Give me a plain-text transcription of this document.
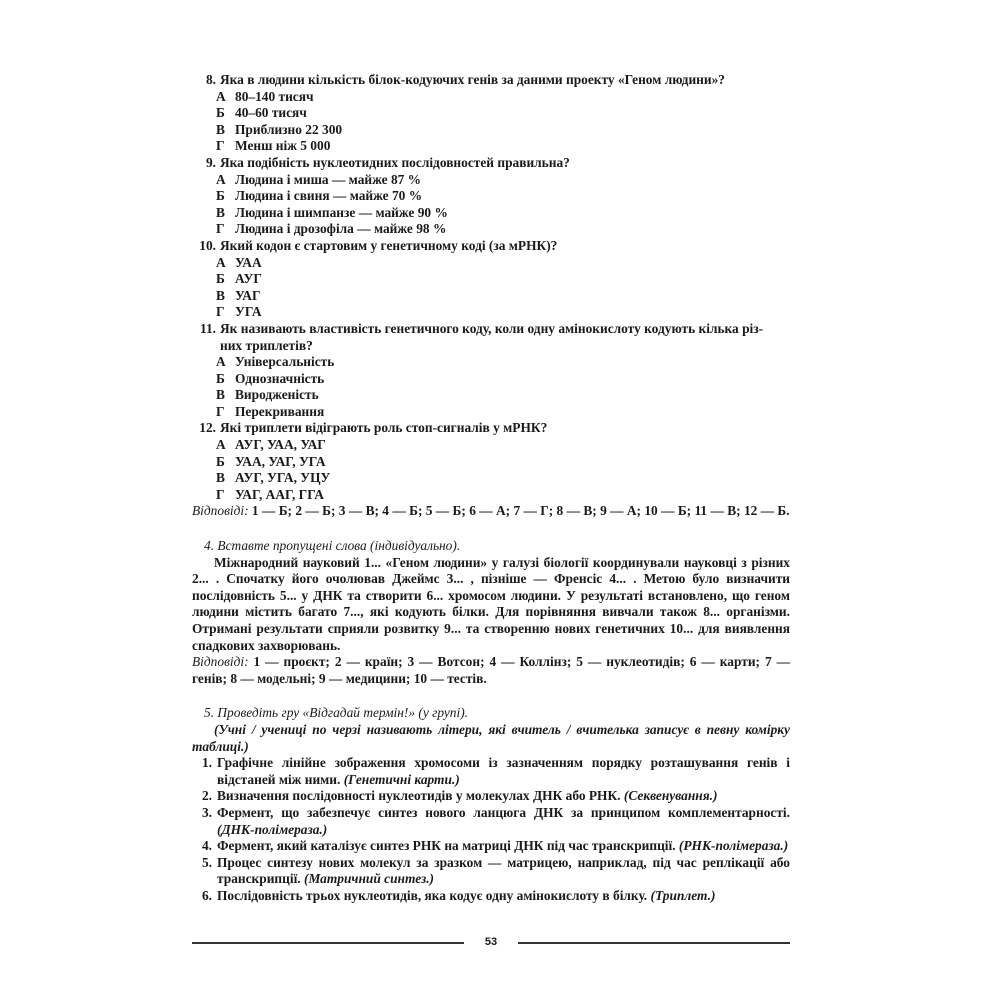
8. Яка в людини кількість білок-кодуючих генів за даними проекту «Геном людини»?
А 80–140 тисяч
Б 40–60 тисяч
В Приблизно 22 300
Г Менш ніж 5 000
9. Яка подібність нуклеотидних послідовностей правильна?
А Людина і миша — майже 87 %
Б Людина і свиня — майже 70 %
В Людина і шимпанзе — майже 90 %
Г Людина і дрозофіла — майже 98 %
10. Який кодон є стартовим у генетичному коді (за мРНК)?
А УАА
Б АУГ
В УАГ
Г УГА
11. Як називають властивість генетичного коду, коли одну амінокислоту кодують кілька різ-
них триплетів?
А Універсальність
Б Однозначність
В Виродженість
Г Перекривання
12. Які триплети відіграють роль стоп-сигналів у мРНК?
А АУГ, УАА, УАГ
Б УАА, УАГ, УГА
В АУГ, УГА, УЦУ
Г УАГ, ААГ, ГГА
Відповіді: 1 — Б; 2 — Б; 3 — В; 4 — Б; 5 — Б; 6 — А; 7 — Г; 8 — В; 9 — А; 10 — Б; 11 — В; 12 — Б.
4. Вставте пропущені слова (індивідуально).
Міжнародний науковий 1... «Геном людини» у галузі біології координували науковці з різних 2... . Спочатку його очолював Джеймс 3... , пізніше — Френсіс 4... . Метою було визначити послідовність 5... у ДНК та створити 6... хромосом людини. У результаті встановлено, що геном людини містить багато 7..., які кодують білки. Для порівняння вивчали також 8... організми. Отримані результати сприяли розвитку 9... та створенню нових генетичних 10... для виявлення спадкових захворювань.
Відповіді: 1 — проєкт; 2 — країн; 3 — Вотсон; 4 — Коллінз; 5 — нуклеотидів; 6 — карти; 7 — генів; 8 — модельні; 9 — медицини; 10 — тестів.
5. Проведіть гру «Відгадай термін!» (у групі).
(Учні / учениці по черзі називають літери, які вчитель / вчителька записує в певну комірку таблиці.)
1. Графічне лінійне зображення хромосоми із зазначенням порядку розташування генів і відстаней між ними. (Генетичні карти.)
2. Визначення послідовності нуклеотидів у молекулах ДНК або РНК. (Секвенування.)
3. Фермент, що забезпечує синтез нового ланцюга ДНК за принципом комплементарності. (ДНК-полімераза.)
4. Фермент, який каталізує синтез РНК на матриці ДНК під час транскрипції. (РНК-полімераза.)
5. Процес синтезу нових молекул за зразком — матрицею, наприклад, під час реплікації або транскрипції. (Матричний синтез.)
6. Послідовність трьох нуклеотидів, яка кодує одну амінокислоту в білку. (Триплет.)
53
